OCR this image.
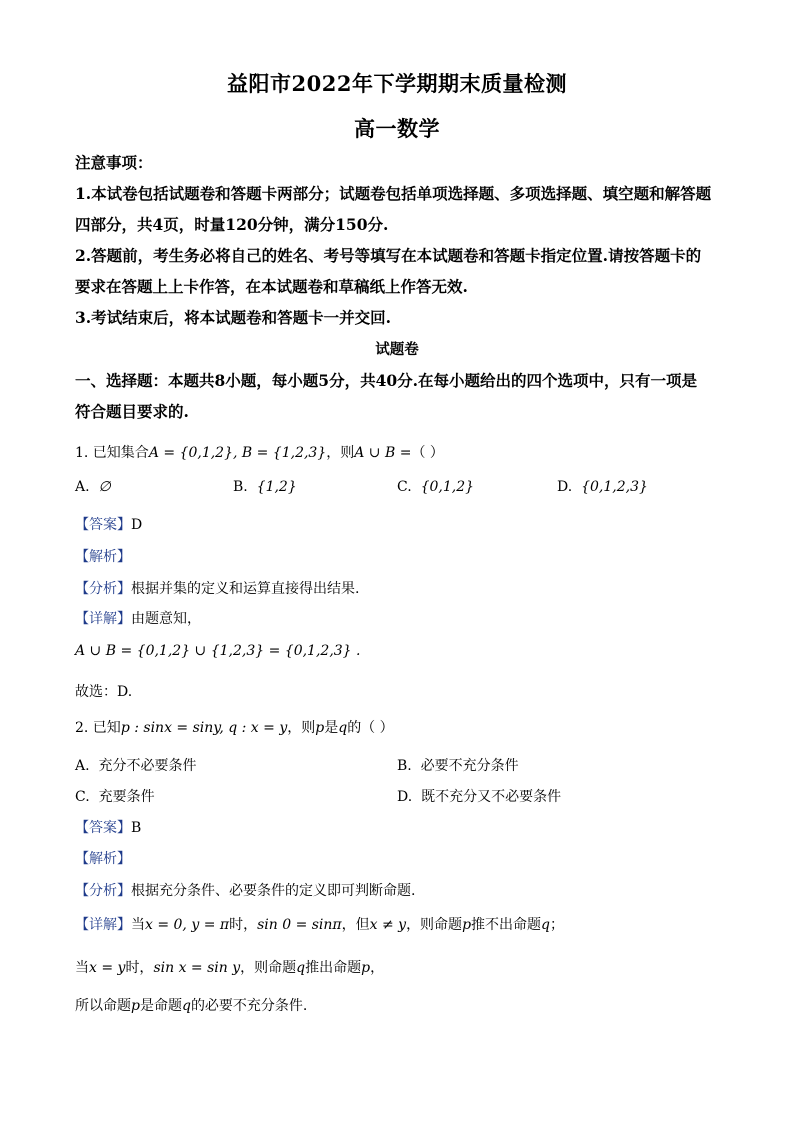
益阳市2022年下学期期末质量检测
高一数学
注意事项：
1.本试卷包括试题卷和答题卡两部分；试题卷包括单项选择题、多项选择题、填空题和解答题
四部分，共4页，时量120分钟，满分150分.
2.答题前，考生务必将自己的姓名、考号等填写在本试题卷和答题卡指定位置.请按答题卡的
要求在答题上上卡作答，在本试题卷和草稿纸上作答无效.
3.考试结束后，将本试题卷和答题卡一并交回.
试题卷
一、选择题：本题共8小题，每小题5分，共40分.在每小题给出的四个选项中，只有一项是
符合题目要求的.
1. 已知集合A = {0,1,2}, B = {1,2,3}，则A ∪ B =（ ）
A. ∅	B. {1,2}	C. {0,1,2}	D. {0,1,2,3}
【答案】D
【解析】
【分析】根据并集的定义和运算直接得出结果.
【详解】由题意知，
A ∪ B = {0,1,2} ∪ {1,2,3} = {0,1,2,3} .
故选：D.
2. 已知p : sinx = siny, q : x = y，则p是q的（ ）
A. 充分不必要条件	B. 必要不充分条件
C. 充要条件	D. 既不充分又不必要条件
【答案】B
【解析】
【分析】根据充分条件、必要条件的定义即可判断命题.
【详解】当x = 0, y = π时，sin 0 = sinπ，但x ≠ y，则命题p推不出命题q；
当x = y时，sin x = sin y，则命题q推出命题p，
所以命题p是命题q的必要不充分条件.
